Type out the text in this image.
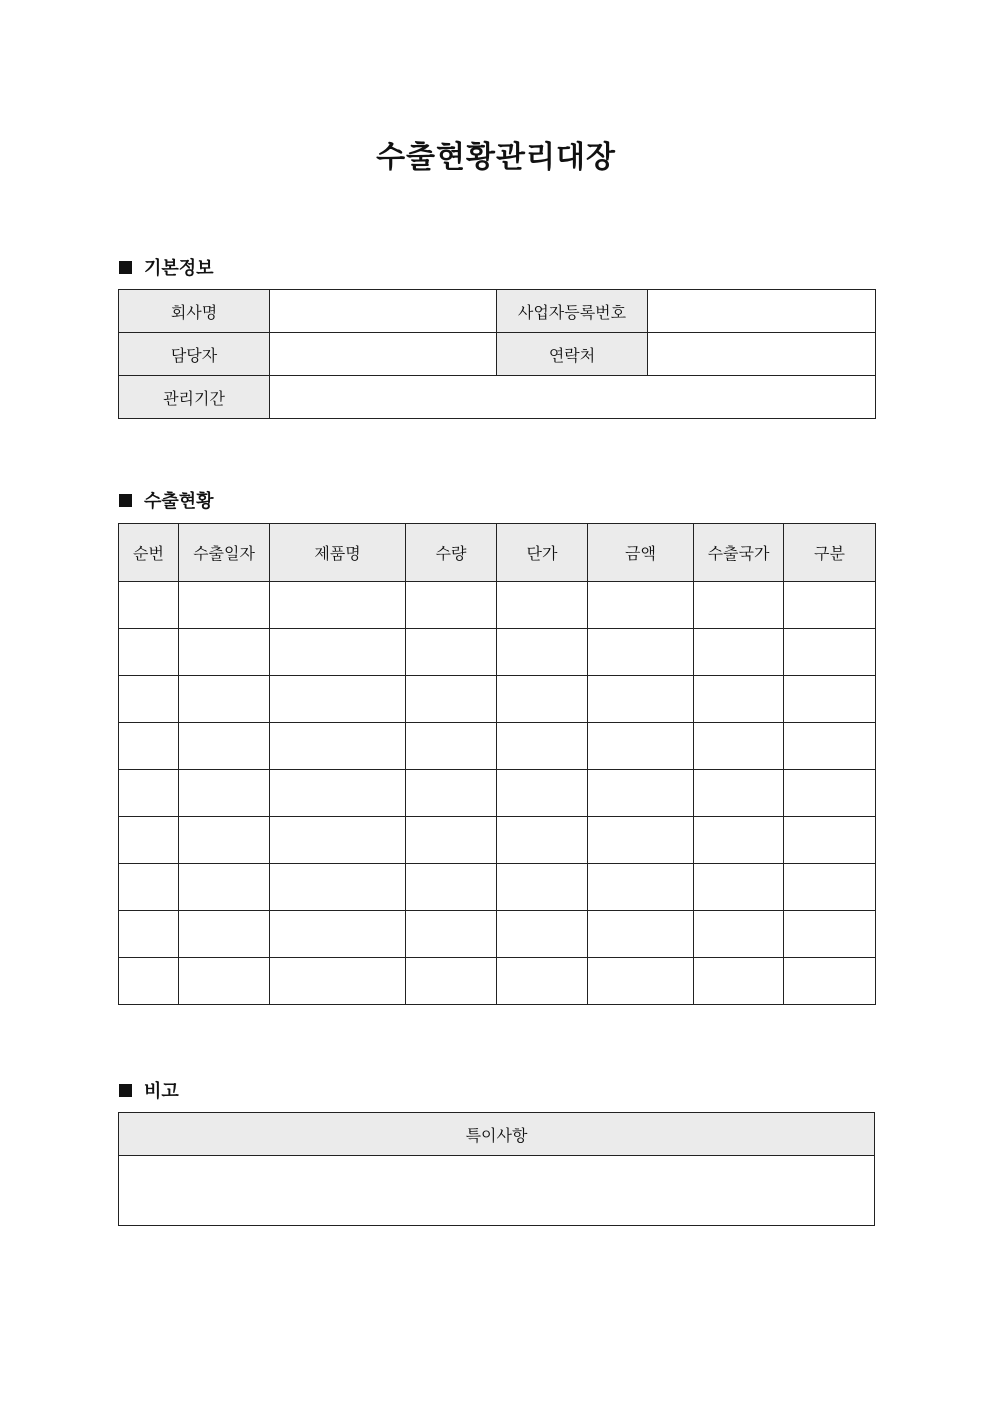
수출현황관리대장
기본정보
회사명		사업자등록번호	
담당자		연락처	
관리기간			
수출현황
순번	수출일자	제품명	수량	단가	금액	수출국가	구분

비고
특이사항
